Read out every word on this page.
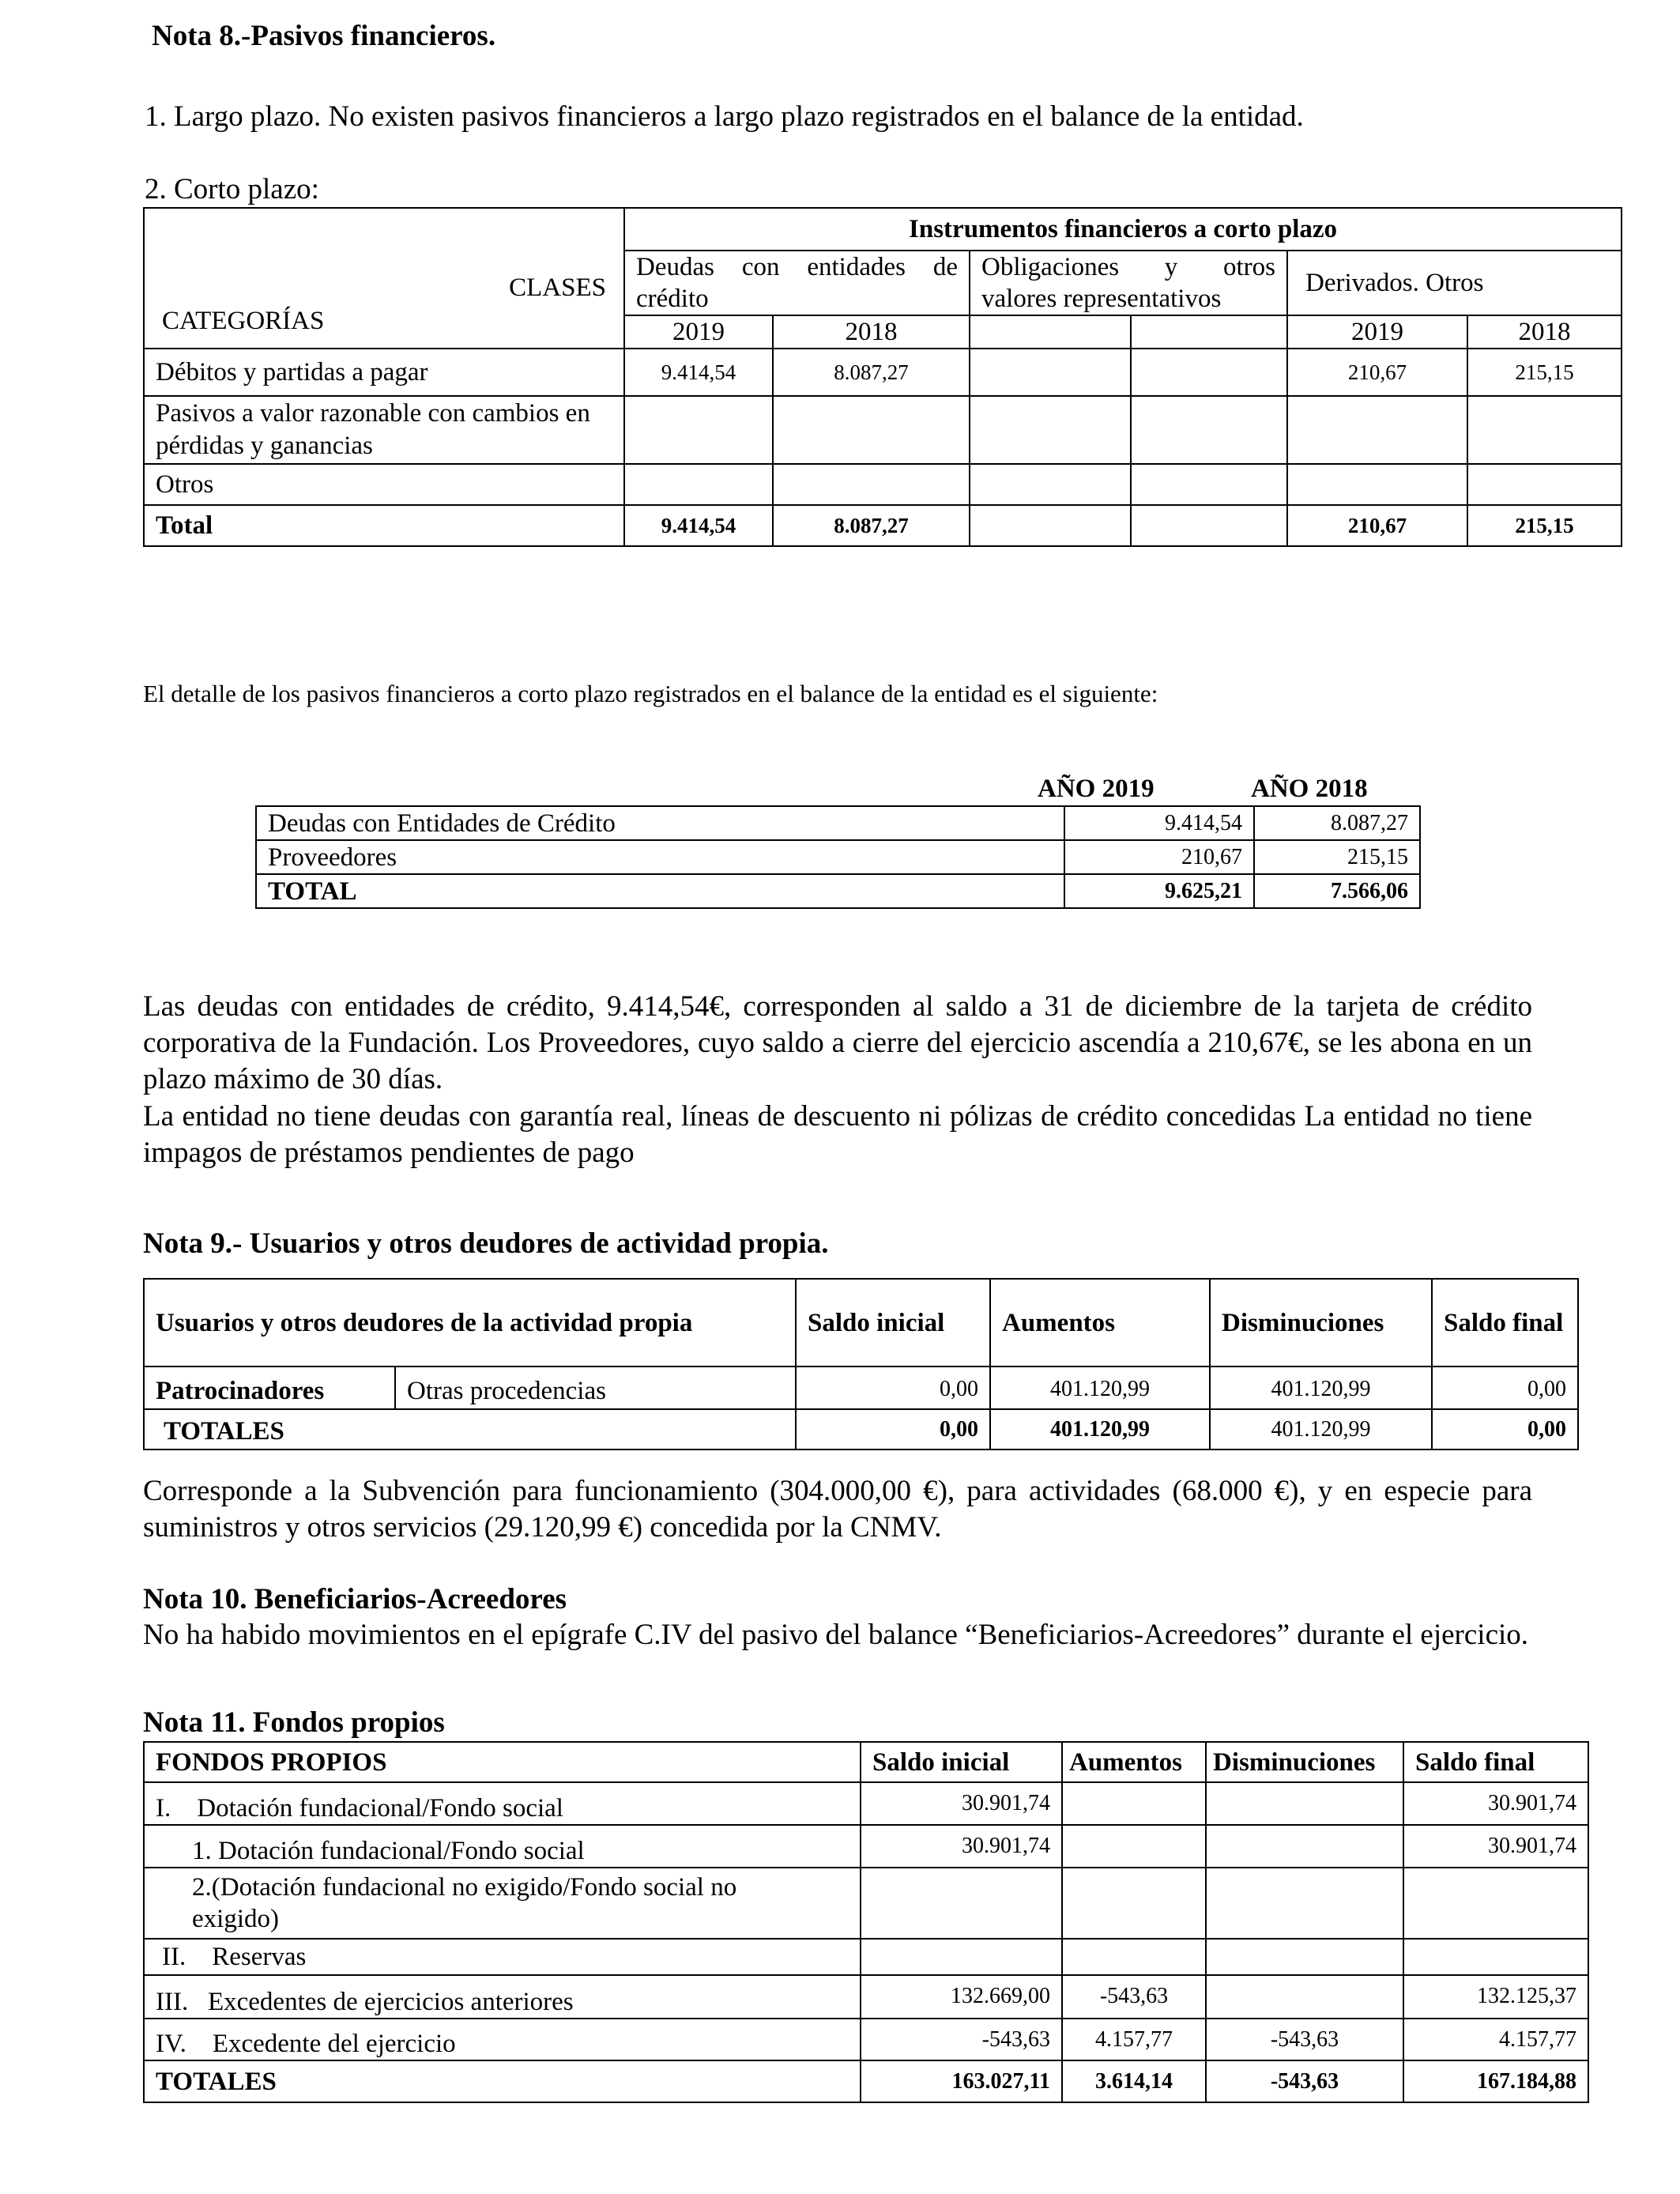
Nota 8.-Pasivos financieros.
1. Largo plazo. No existen pasivos financieros a largo plazo registrados en el balance de la entidad.
2. Corto plazo:
CLASES
CATEGORÍAS	Instrumentos financieros a corto plazo					
	Deudas con entidades de crédito		Obligaciones y otros valores representativos		Derivados. Otros	
	2019	2018			2019	2018
Débitos y partidas a pagar	9.414,54	8.087,27			210,67	215,15
Pasivos a valor razonable con cambios en pérdidas y ganancias						
Otros						
Total	9.414,54	8.087,27			210,67	215,15
El detalle de los pasivos financieros a corto plazo registrados en el balance de la entidad es el siguiente:
AÑO 2019	AÑO 2018
Deudas con Entidades de Crédito	9.414,54	8.087,27
Proveedores	210,67	215,15
TOTAL	9.625,21	7.566,06
Las deudas con entidades de crédito, 9.414,54€, corresponden al saldo a 31 de diciembre de la tarjeta de crédito corporativa de la Fundación. Los Proveedores, cuyo saldo a cierre del ejercicio ascendía a 210,67€, se les abona en un plazo máximo de 30 días.
La entidad no tiene deudas con garantía real, líneas de descuento ni pólizas de crédito concedidas La entidad no tiene impagos de préstamos pendientes de pago
Nota 9.- Usuarios y otros deudores de actividad propia.
Usuarios y otros deudores de la actividad propia		Saldo inicial	Aumentos	Disminuciones	Saldo final
Patrocinadores	Otras procedencias	0,00	401.120,99	401.120,99	0,00
TOTALES		0,00	401.120,99	401.120,99	0,00
Corresponde a la Subvención para funcionamiento (304.000,00 €), para actividades (68.000 €), y en especie para suministros y otros servicios (29.120,99 €) concedida por la CNMV.
Nota 10. Beneficiarios-Acreedores
No ha habido movimientos en el epígrafe C.IV del pasivo del balance “Beneficiarios-Acreedores” durante el ejercicio.
Nota 11. Fondos propios
FONDOS PROPIOS	Saldo inicial	Aumentos	Disminuciones	Saldo final
I.    Dotación fundacional/Fondo social	30.901,74			30.901,74
1. Dotación fundacional/Fondo social	30.901,74			30.901,74
2.(Dotación fundacional no exigido/Fondo social no exigido)				
II.    Reservas				
III.   Excedentes de ejercicios anteriores	132.669,00	-543,63		132.125,37
IV.    Excedente del ejercicio	-543,63	4.157,77	-543,63	4.157,77
TOTALES	163.027,11	3.614,14	-543,63	167.184,88
